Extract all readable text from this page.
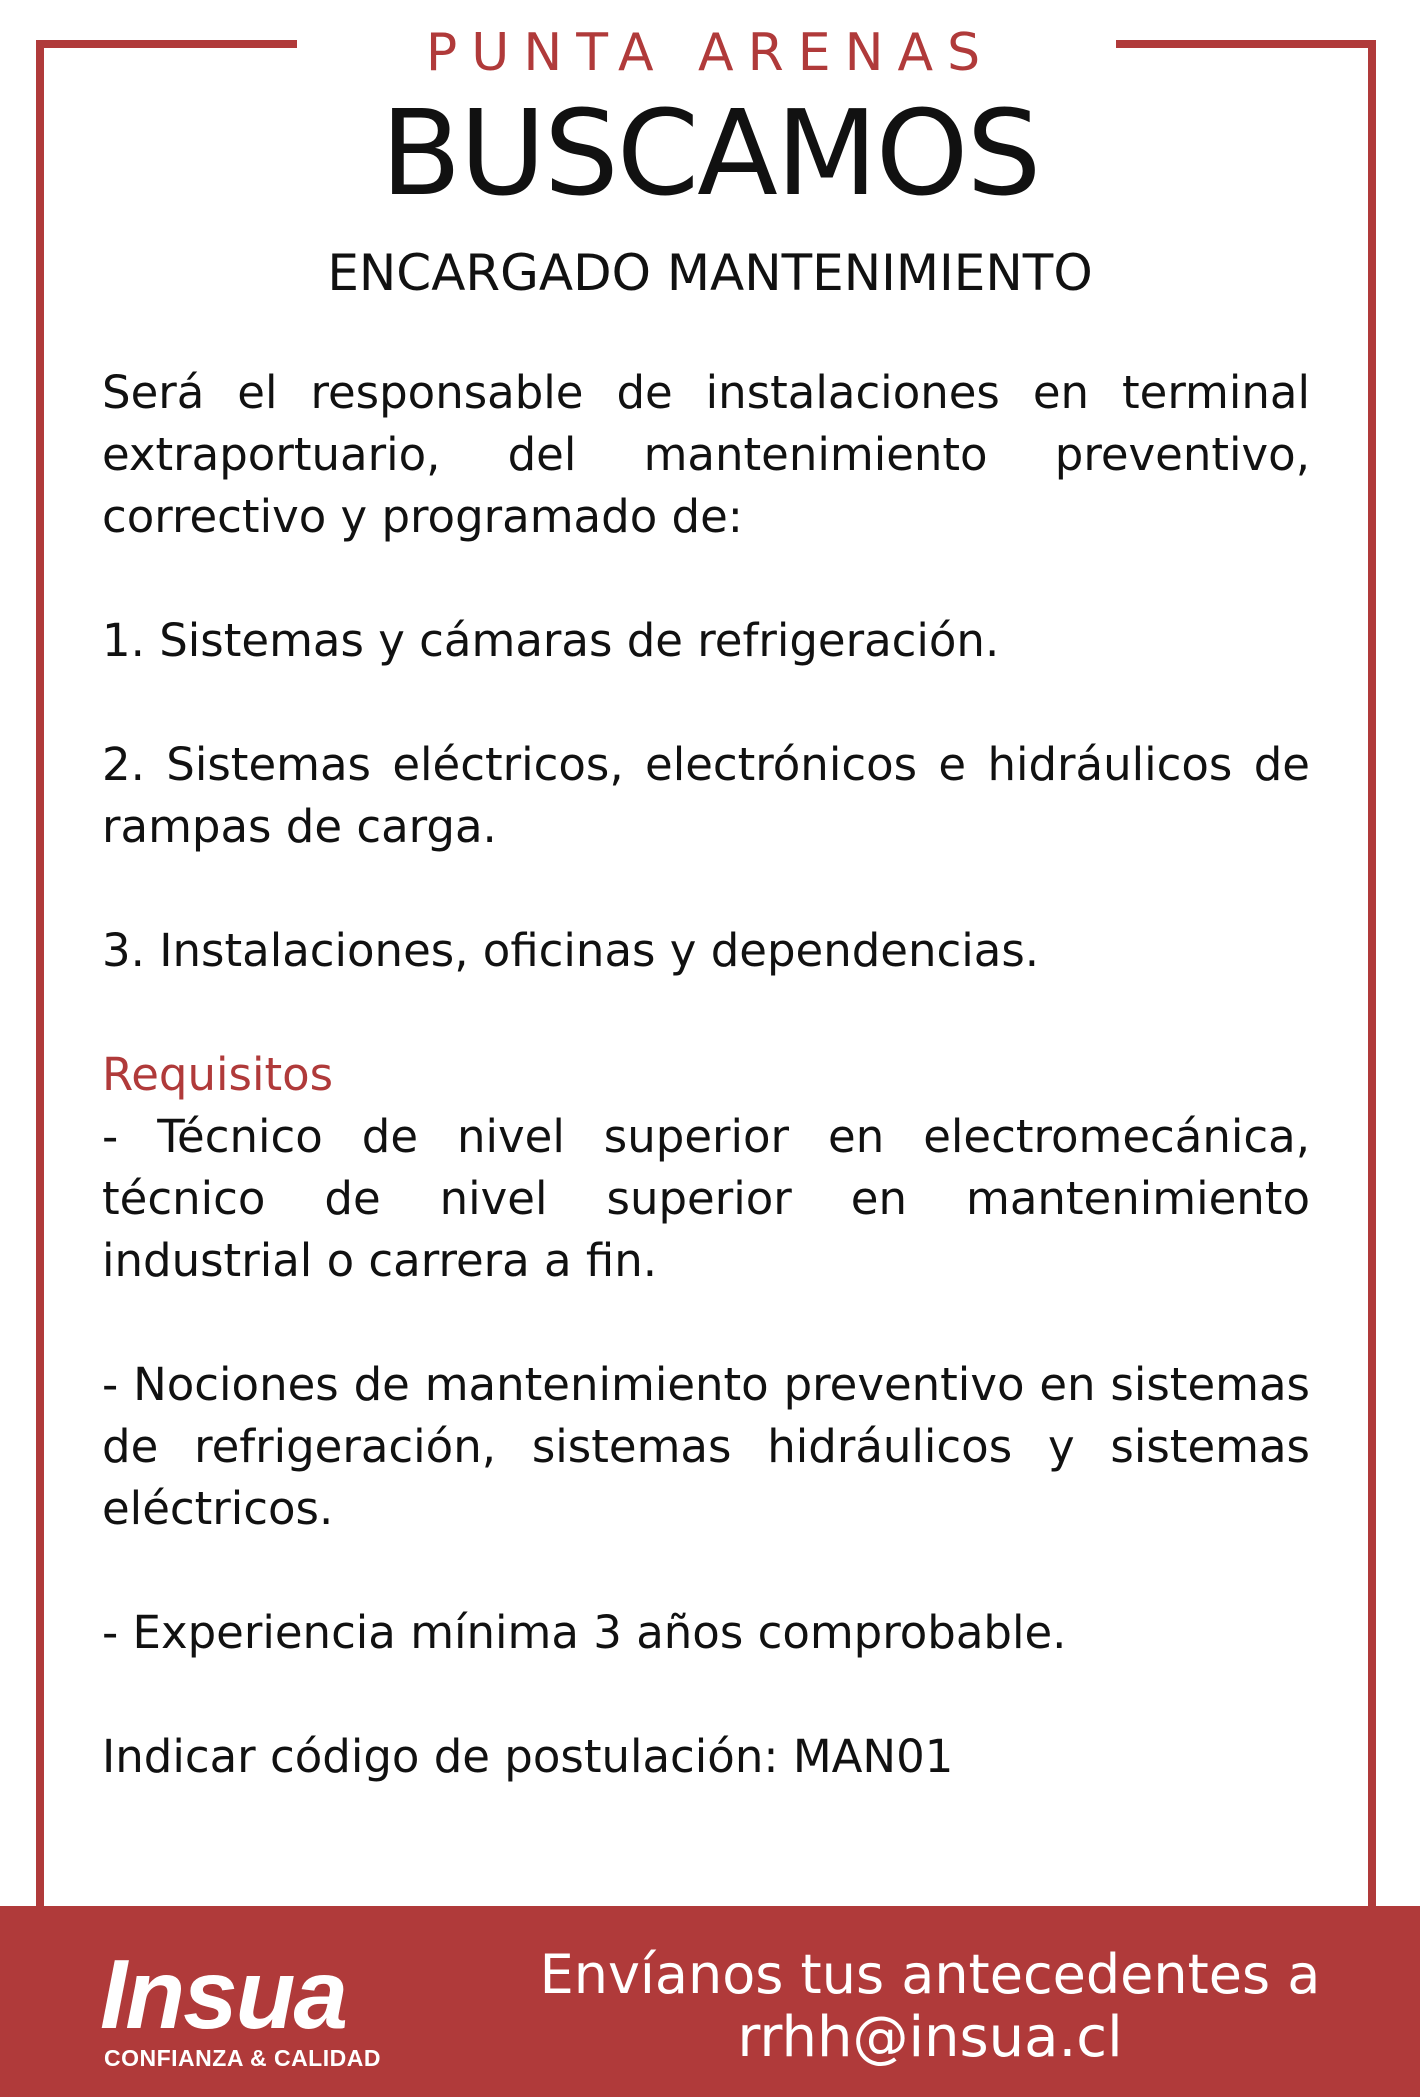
PUNTA ARENAS
BUSCAMOS
ENCARGADO MANTENIMIENTO

Será el responsable de instalaciones en terminal extraportuario, del mantenimiento preventivo, correctivo y programado de:

1. Sistemas y cámaras de refrigeración.

2. Sistemas eléctricos, electrónicos e hidráulicos de rampas de carga.

3. Instalaciones, oficinas y dependencias.

Requisitos

- Técnico de nivel superior en electromecánica, técnico de nivel superior en mantenimiento industrial o carrera a fin.

- Nociones de mantenimiento preventivo en sistemas de refrigeración, sistemas hidráulicos y sistemas eléctricos.

- Experiencia mínima 3 años comprobable.

Indicar código de postulación: MAN01

Insua
CONFIANZA & CALIDAD
Envíanos tus antecedentes a
rrhh@insua.cl
